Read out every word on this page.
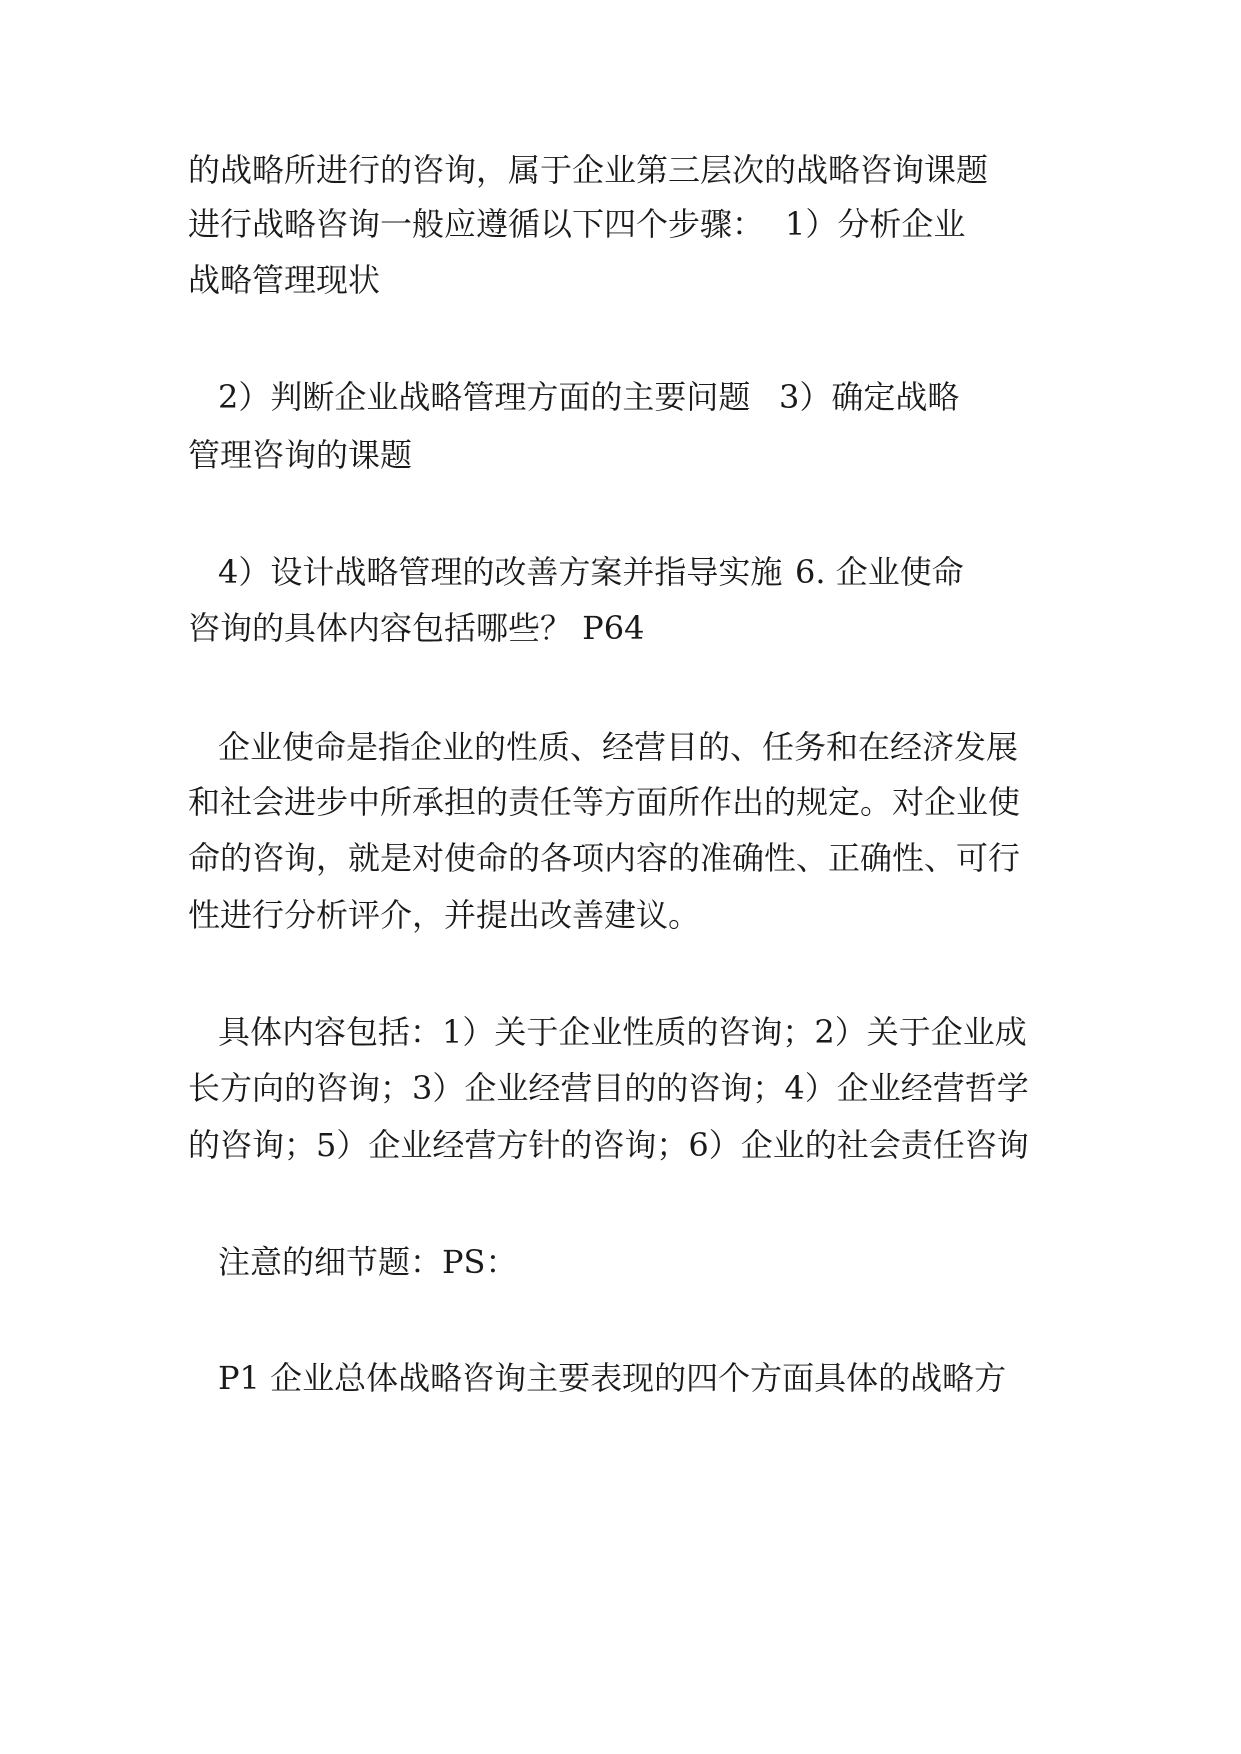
的战略所进行的咨询，属于企业第三层次的战略咨询课题
进行战略咨询一般应遵循以下四个步骤： 1）分析企业
战略管理现状
2）判断企业战略管理方面的主要问题 3）确定战略
管理咨询的课题
4）设计战略管理的改善方案并指导实施 6. 企业使命
咨询的具体内容包括哪些？ P64
企业使命是指企业的性质、经营目的、任务和在经济发展
和社会进步中所承担的责任等方面所作出的规定。对企业使
命的咨询，就是对使命的各项内容的准确性、正确性、可行
性进行分析评介，并提出改善建议。
具体内容包括：1）关于企业性质的咨询；2）关于企业成
长方向的咨询；3）企业经营目的的咨询；4）企业经营哲学
的咨询；5）企业经营方针的咨询；6）企业的社会责任咨询
注意的细节题：PS：
P1 企业总体战略咨询主要表现的四个方面具体的战略方
